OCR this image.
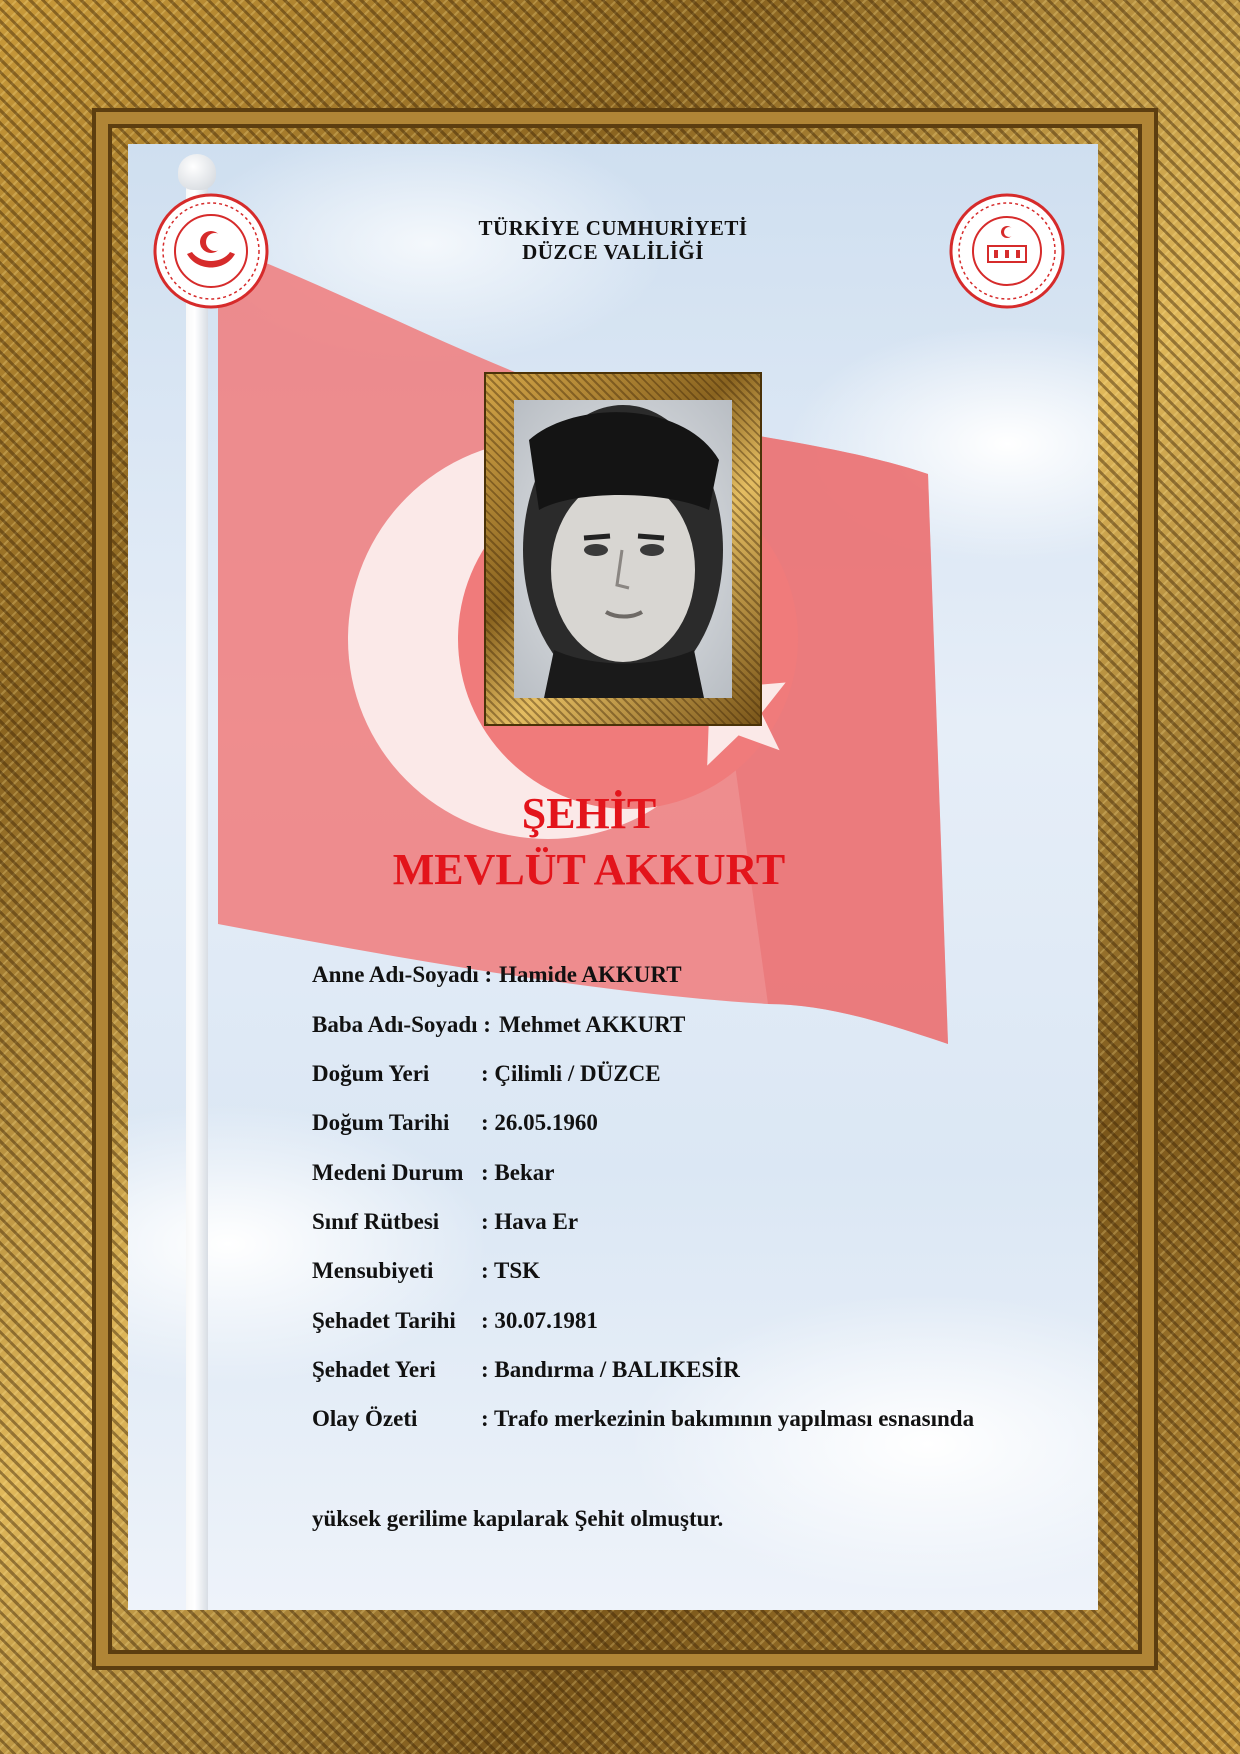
TÜRKİYE CUMHURİYETİ
DÜZCE VALİLİĞİ
ŞEHİT
MEVLÜT AKKURT
yüksek gerilime kapılarak Şehit olmuştur.
Anne Adı-Soyadı : Hamide AKKURT
Baba Adı-Soyadı : Mehmet AKKURT
Doğum Yeri : Çilimli / DÜZCE
Doğum Tarihi : 26.05.1960
Medeni Durum : Bekar
Sınıf Rütbesi : Hava Er
Mensubiyeti : TSK
Şehadet Tarihi : 30.07.1981
Şehadet Yeri : Bandırma / BALIKESİR
Olay Özeti	: Trafo merkezinin bakımının yapılması esnasında
